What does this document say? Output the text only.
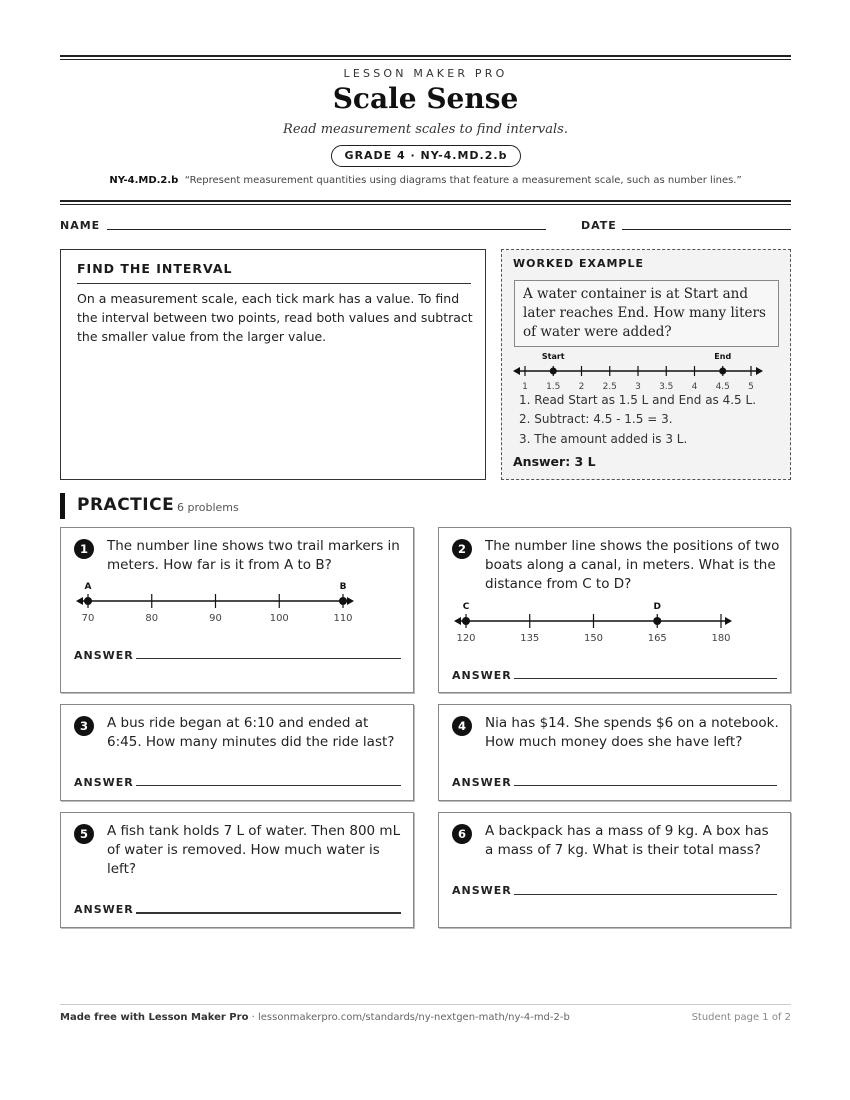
LESSON MAKER PRO
Scale Sense
Read measurement scales to find intervals.
GRADE 4 · NY-4.MD.2.b
NY-4.MD.2.b “Represent measurement quantities using diagrams that feature a measurement scale, such as number lines.”
NAME	DATE
FIND THE INTERVAL
On a measurement scale, each tick mark has a value. To find the interval between two points, read both values and subtract the smaller value from the larger value.
WORKED EXAMPLE
A water container is at Start and later reaches End. How many liters of water were added?
1 1.5 2 2.5 3 3.5 4 4.5 5
Start	End
1. Read Start as 1.5 L and End as 4.5 L.
2. Subtract: 4.5 - 1.5 = 3.
3. The amount added is 3 L.
Answer: 3 L
PRACTICE 6 problems
1	The number line shows two trail markers in meters. How far is it from A to B?
70	80	90	100	110
A	B
ANSWER
2	The number line shows the positions of two boats along a canal, in meters. What is the distance from C to D?
120	135	150	165	180
C	D
ANSWER
3	A bus ride began at 6:10 and ended at 6:45. How many minutes did the ride last?
ANSWER
4	Nia has $14. She spends $6 on a notebook. How much money does she have left?
ANSWER
5	A fish tank holds 7 L of water. Then 800 mL of water is removed. How much water is left?
ANSWER
6	A backpack has a mass of 9 kg. A box has a mass of 7 kg. What is their total mass?
ANSWER
Made free with Lesson Maker Pro · lessonmakerpro.com/standards/ny-nextgen-math/ny-4-md-2-b	Student page 1 of 2
